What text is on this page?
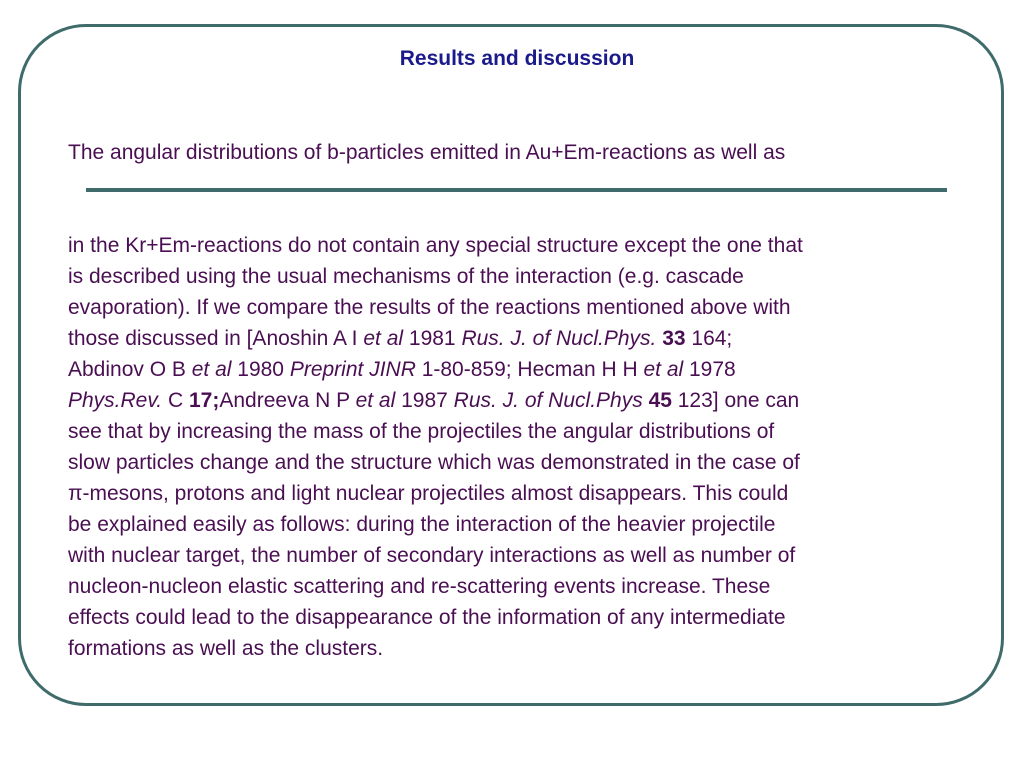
Results and discussion

The angular distributions of b-particles emitted in Au+Em-reactions as well as

in the Kr+Em-reactions do not contain any special structure except the one that
is described using the usual mechanisms of the interaction (e.g. cascade
evaporation). If we compare the results of the reactions mentioned above with
those discussed in [Anoshin A I et al 1981 Rus. J. of Nucl.Phys. 33 164;
Abdinov O B et al 1980 Preprint JINR 1-80-859; Hecman H H et al 1978
Phys.Rev. C 17;Andreeva N P et al 1987 Rus. J. of Nucl.Phys 45 123] one can
see that by increasing the mass of the projectiles the angular distributions of
slow particles change and the structure which was demonstrated in the case of
π-mesons, protons and light nuclear projectiles almost disappears. This could
be explained easily as follows: during the interaction of the heavier projectile
with nuclear target, the number of secondary interactions as well as number of
nucleon-nucleon elastic scattering and re-scattering events increase. These
effects could lead to the disappearance of the information of any intermediate
formations as well as the clusters.
